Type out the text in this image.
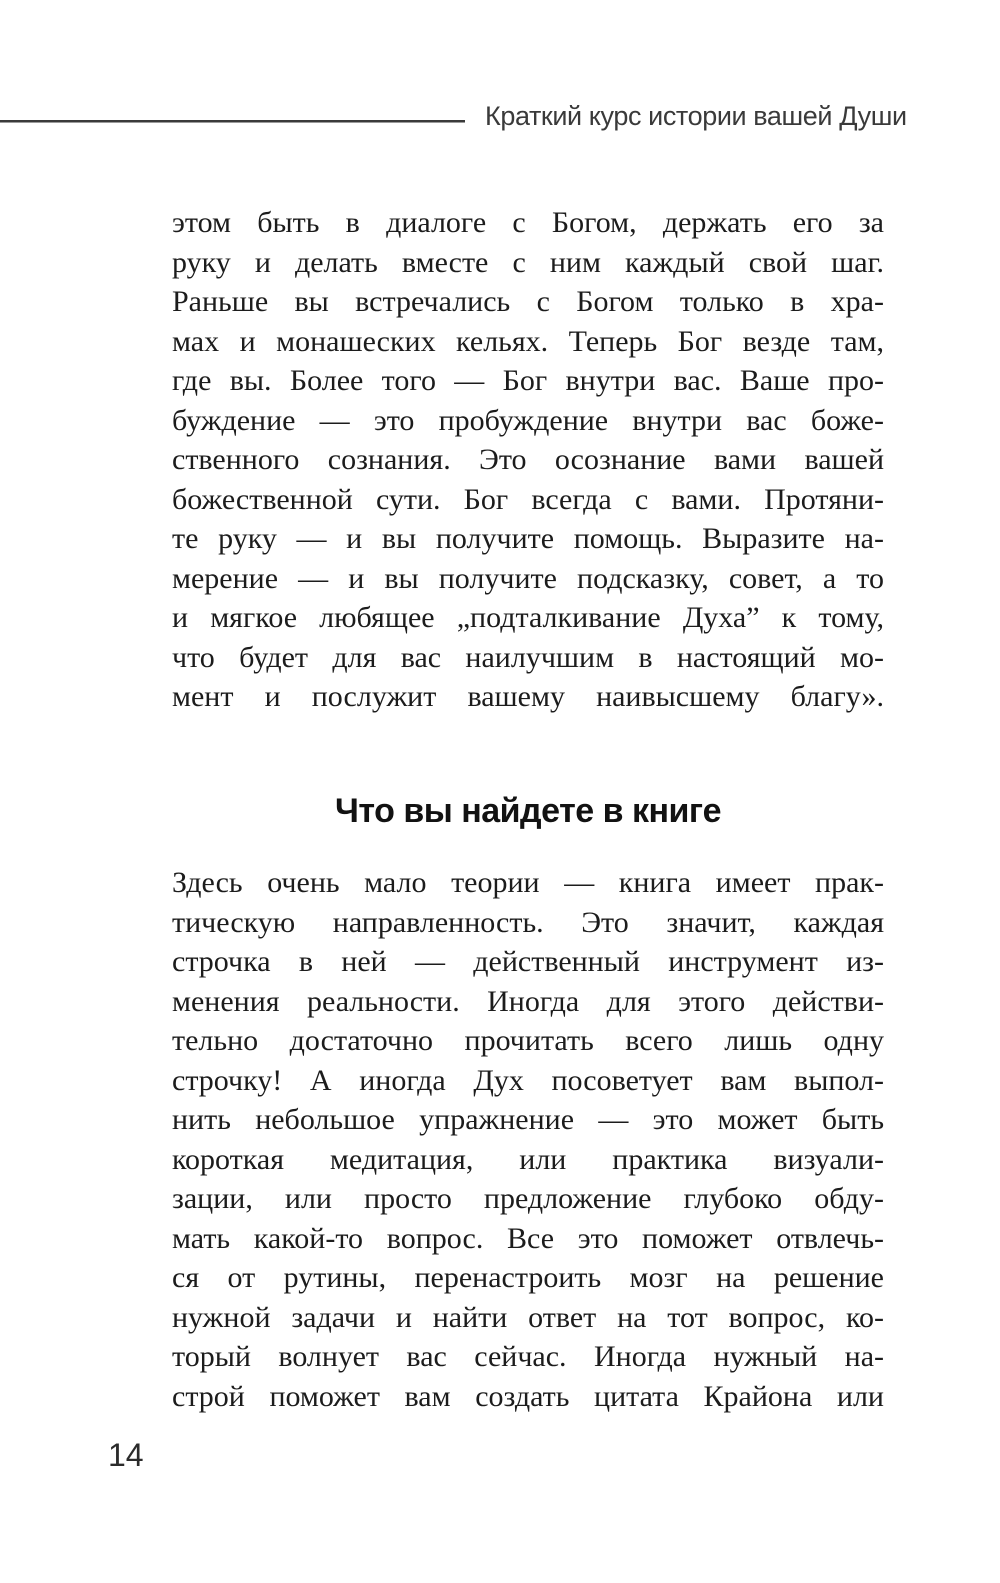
Краткий курс истории вашей Души
этом быть в диалоге с Богом, держать его за
руку и делать вместе с ним каждый свой шаг.
Раньше вы встречались с Богом только в хра-
мах и монашеских кельях. Теперь Бог везде там,
где вы. Более того — Бог внутри вас. Ваше про-
буждение — это пробуждение внутри вас боже-
ственного сознания. Это осознание вами вашей
божественной сути. Бог всегда с вами. Протяни-
те руку — и вы получите помощь. Выразите на-
мерение — и вы получите подсказку, совет, а то
и мягкое любящее „подталкивание Духа” к тому,
что будет для вас наилучшим в настоящий мо-
мент и послужит вашему наивысшему благу».
Что вы найдете в книге
Здесь очень мало теории — книга имеет прак-
тическую направленность. Это значит, каждая
строчка в ней — действенный инструмент из-
менения реальности. Иногда для этого действи-
тельно достаточно прочитать всего лишь одну
строчку! А иногда Дух посоветует вам выпол-
нить небольшое упражнение — это может быть
короткая медитация, или практика визуали-
зации, или просто предложение глубоко обду-
мать какой-то вопрос. Все это поможет отвлечь-
ся от рутины, перенастроить мозг на решение
нужной задачи и найти ответ на тот вопрос, ко-
торый волнует вас сейчас. Иногда нужный на-
строй поможет вам создать цитата Крайона или
14
